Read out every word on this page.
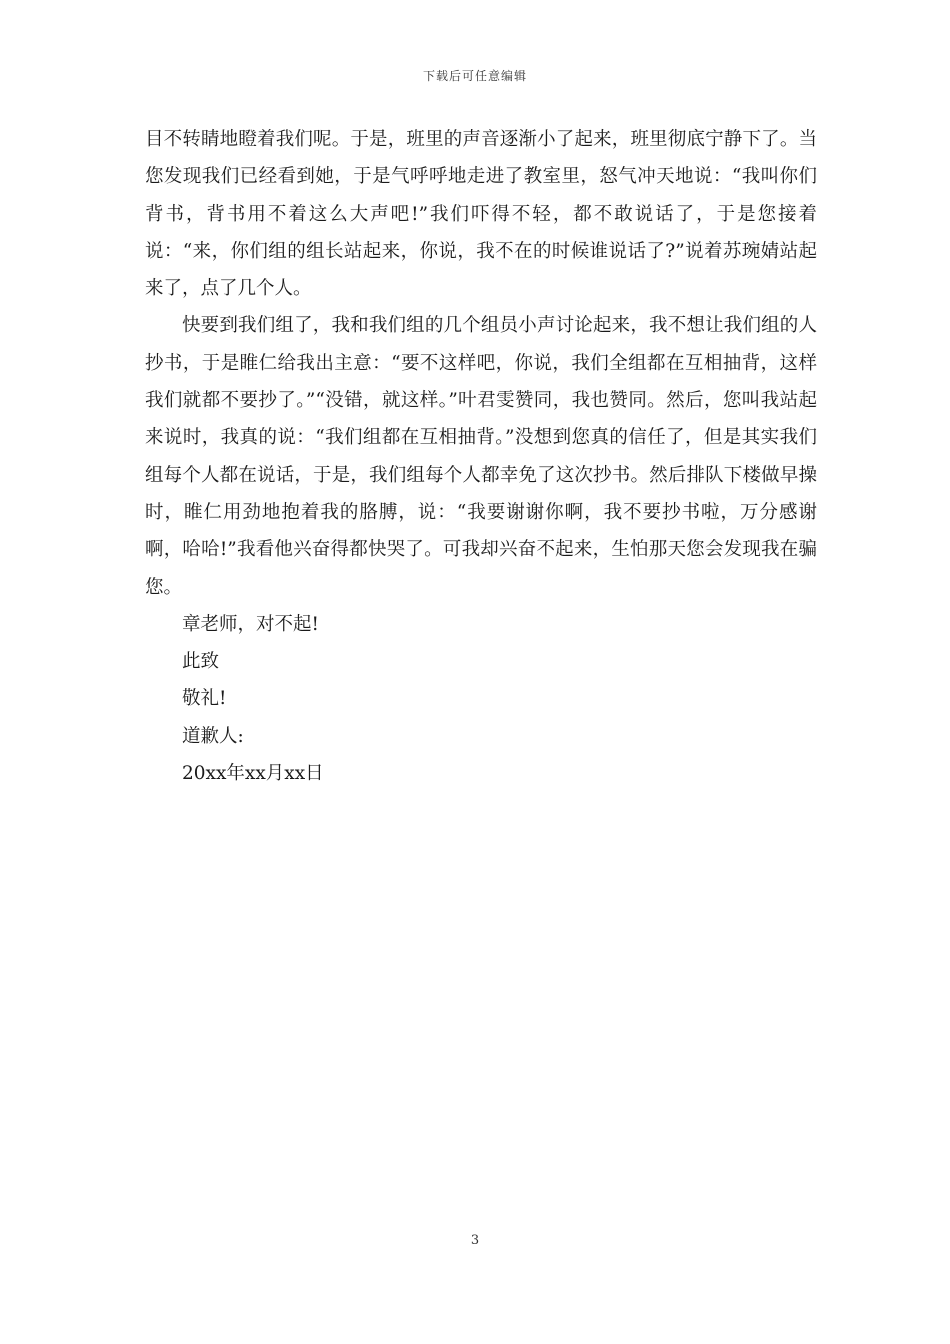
下载后可任意编辑

目不转睛地瞪着我们呢。于是，班里的声音逐渐小了起来，班里彻底宁静下了。当您发现我们已经看到她，于是气呼呼地走进了教室里，怒气冲天地说：“我叫你们背书，背书用不着这么大声吧!”我们吓得不轻，都不敢说话了，于是您接着说：“来，你们组的组长站起来，你说，我不在的时候谁说话了?”说着苏琬婧站起来了，点了几个人。

快要到我们组了，我和我们组的几个组员小声讨论起来，我不想让我们组的人抄书，于是睢仁给我出主意：“要不这样吧，你说，我们全组都在互相抽背，这样我们就都不要抄了。”“没错，就这样。”叶君雯赞同，我也赞同。然后，您叫我站起来说时，我真的说：“我们组都在互相抽背。”没想到您真的信任了，但是其实我们组每个人都在说话，于是，我们组每个人都幸免了这次抄书。然后排队下楼做早操时，睢仁用劲地抱着我的胳膊，说：“我要谢谢你啊，我不要抄书啦，万分感谢啊，哈哈!”我看他兴奋得都快哭了。可我却兴奋不起来，生怕那天您会发现我在骗您。

章老师，对不起!

此致

敬礼!

道歉人:

20xx年xx月xx日

3
